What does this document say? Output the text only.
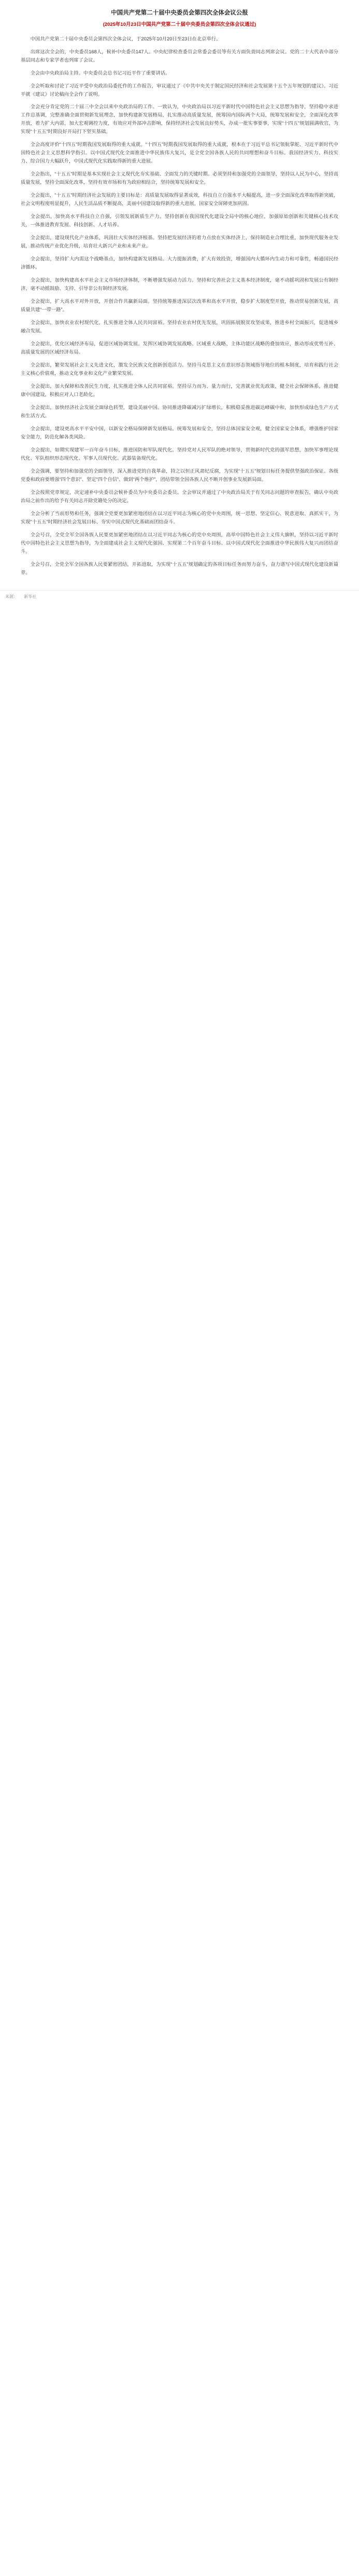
中国共产党第二十届中央委员会第四次全体会议公报
(2025年10月23日中国共产党第二十届中央委员会第四次全体会议通过)

中国共产党第二十届中央委员会第四次全体会议，于2025年10月20日至23日在北京举行。

出席这次全会的，中央委员168人，候补中央委员147人。中央纪律检查委员会常委会委员等有关方面负责同志列席会议。党的二十大代表中部分基层同志和专家学者也列席了会议。

全会由中央政治局主持。中央委员会总书记习近平作了重要讲话。

全会听取和讨论了习近平受中央政治局委托作的工作报告，审议通过了《中共中央关于制定国民经济和社会发展第十五个五年规划的建议》。习近平就《建议》讨论稿向全会作了说明。

全会充分肯定党的二十届三中全会以来中央政治局的工作。一致认为，中央政治局以习近平新时代中国特色社会主义思想为指导，坚持稳中求进工作总基调，完整准确全面贯彻新发展理念，加快构建新发展格局，扎实推动高质量发展，统筹国内国际两个大局，统筹发展和安全，全面深化改革开放，着力扩大内需，加大宏观调控力度，有效应对外部冲击影响，保持经济社会发展良好势头，办成一批实事要事，实现“十四五”规划圆满收官，为实现“十五五”时期良好开局打下坚实基础。

全会高度评价“十四五”时期我国发展取得的重大成就。“十四五”时期我国发展取得的重大成就，根本在于习近平总书记领航掌舵、习近平新时代中国特色社会主义思想科学指引。以中国式现代化全面推进中华民族伟大复兴，是全党全国各族人民的共同理想和奋斗目标。我国经济实力、科技实力、综合国力大幅跃升，中国式现代化实践取得新的重大进展。

全会指出，“十五五”时期是基本实现社会主义现代化夯实基础、全面发力的关键时期。必须坚持和加强党的全面领导，坚持以人民为中心，坚持高质量发展，坚持全面深化改革，坚持有效市场和有为政府相结合，坚持统筹发展和安全。

全会提出，“十五五”时期经济社会发展的主要目标是：高质量发展取得显著成效，科技自立自强水平大幅提高，进一步全面深化改革取得新突破，社会文明程度明显提升，人民生活品质不断提高，美丽中国建设取得新的重大进展，国家安全屏障更加巩固。

全会提出，加快高水平科技自立自强，引领发展新质生产力。坚持创新在我国现代化建设全局中的核心地位，加强原始创新和关键核心技术攻关，一体推进教育发展、科技创新、人才培养。

全会提出，建设现代化产业体系，巩固壮大实体经济根基。坚持把发展经济的着力点放在实体经济上，保持制造业合理比重，加快现代服务业发展，推动传统产业优化升级，培育壮大新兴产业和未来产业。

全会提出，坚持扩大内需这个战略基点，加快构建新发展格局。大力提振消费，扩大有效投资，增强国内大循环内生动力和可靠性，畅通国民经济循环。

全会提出，加快构建高水平社会主义市场经济体制，不断增强发展动力活力。坚持和完善社会主义基本经济制度，毫不动摇巩固和发展公有制经济，毫不动摇鼓励、支持、引导非公有制经济发展。

全会提出，扩大高水平对外开放，开创合作共赢新局面。坚持统筹推进深层次改革和高水平开放，稳步扩大制度型开放，推动贸易创新发展，高质量共建“一带一路”。

全会提出，加快农业农村现代化，扎实推进全体人民共同富裕。坚持农业农村优先发展，巩固拓展脱贫攻坚成果，推进乡村全面振兴，促进城乡融合发展。

全会提出，优化区域经济布局，促进区域协调发展。发挥区域协调发展战略、区域重大战略、主体功能区战略的叠加效应，推动形成优势互补、高质量发展的区域经济布局。

全会提出，繁荣发展社会主义先进文化，激发全民族文化创新创造活力。坚持马克思主义在意识形态领域指导地位的根本制度，培育和践行社会主义核心价值观，推动文化事业和文化产业繁荣发展。

全会提出，加大保障和改善民生力度，扎实推进全体人民共同富裕。坚持尽力而为、量力而行，完善就业优先政策，健全社会保障体系，推进健康中国建设，积极应对人口老龄化。

全会提出，加快经济社会发展全面绿色转型，建设美丽中国。协同推进降碳减污扩绿增长，积极稳妥推进碳达峰碳中和，加快形成绿色生产方式和生活方式。

全会提出，建设更高水平平安中国，以新安全格局保障新发展格局。统筹发展和安全，坚持总体国家安全观，健全国家安全体系，增强维护国家安全能力，防范化解各类风险。

全会提出，如期实现建军一百年奋斗目标，推进国防和军队现代化。坚持党对人民军队的绝对领导，贯彻新时代党的强军思想，加快军事理论现代化、军队组织形态现代化、军事人员现代化、武器装备现代化。

全会强调，要坚持和加强党的全面领导，深入推进党的自我革命，持之以恒正风肃纪反腐，为实现“十五五”规划目标任务提供坚强政治保证。各级党委和政府要增强“四个意识”、坚定“四个自信”、做到“两个维护”，团结带领全国各族人民不断开创事业发展新局面。

全会按照党章规定，决定递补中央委员会候补委员为中央委员会委员。全会审议并通过了中央政治局关于有关同志问题的审查报告，确认中央政治局之前作出的给予有关同志开除党籍处分的决定。

全会分析了当前形势和任务，强调全党要更加紧密地团结在以习近平同志为核心的党中央周围，统一思想、坚定信心、锐意进取、真抓实干，为实现“十五五”时期经济社会发展目标、夯实中国式现代化基础而团结奋斗。

全会号召，全党全军全国各族人民要更加紧密地团结在以习近平同志为核心的党中央周围，高举中国特色社会主义伟大旗帜，坚持以习近平新时代中国特色社会主义思想为指导，为全面建成社会主义现代化强国、实现第二个百年奋斗目标、以中国式现代化全面推进中华民族伟大复兴而团结奋斗。

全会号召，全党全军全国各族人民要紧密团结，开拓进取，为实现“十五五”规划确定的各项目标任务而努力奋斗，奋力谱写中国式现代化建设新篇章。

来源： 新华社
